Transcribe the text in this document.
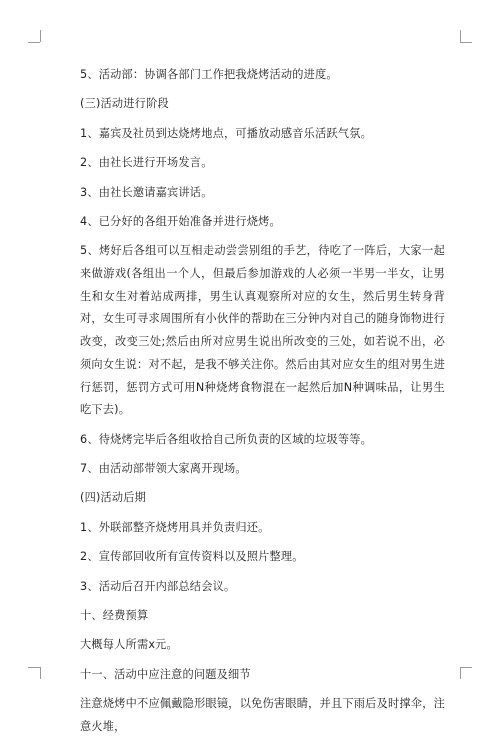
5、活动部：协调各部门工作把我烧烤活动的进度。

(三)活动进行阶段

1、嘉宾及社员到达烧烤地点，可播放动感音乐活跃气氛。

2、由社长进行开场发言。

3、由社长邀请嘉宾讲话。

4、已分好的各组开始准备并进行烧烤。

5、烤好后各组可以互相走动尝尝别组的手艺，待吃了一阵后，大家一起来做游戏(各组出一个人，但最后参加游戏的人必须一半男一半女，让男生和女生对着站成两排，男生认真观察所对应的女生，然后男生转身背对，女生可寻求周围所有小伙伴的帮助在三分钟内对自己的随身饰物进行改变，改变三处;然后由所对应男生说出所改变的三处，如若说不出，必须向女生说：对不起，是我不够关注你。然后由其对应女生的组对男生进行惩罚，惩罚方式可用N种烧烤食物混在一起然后加N种调味品，让男生吃下去)。

6、待烧烤完毕后各组收拾自己所负责的区域的垃圾等等。

7、由活动部带领大家离开现场。

(四)活动后期

1、外联部整齐烧烤用具并负责归还。

2、宣传部回收所有宣传资料以及照片整理。

3、活动后召开内部总结会议。

十、经费预算

大概每人所需x元。

十一、活动中应注意的问题及细节

注意烧烤中不应佩戴隐形眼镜，以免伤害眼睛，并且下雨后及时撑伞，注意火堆，
